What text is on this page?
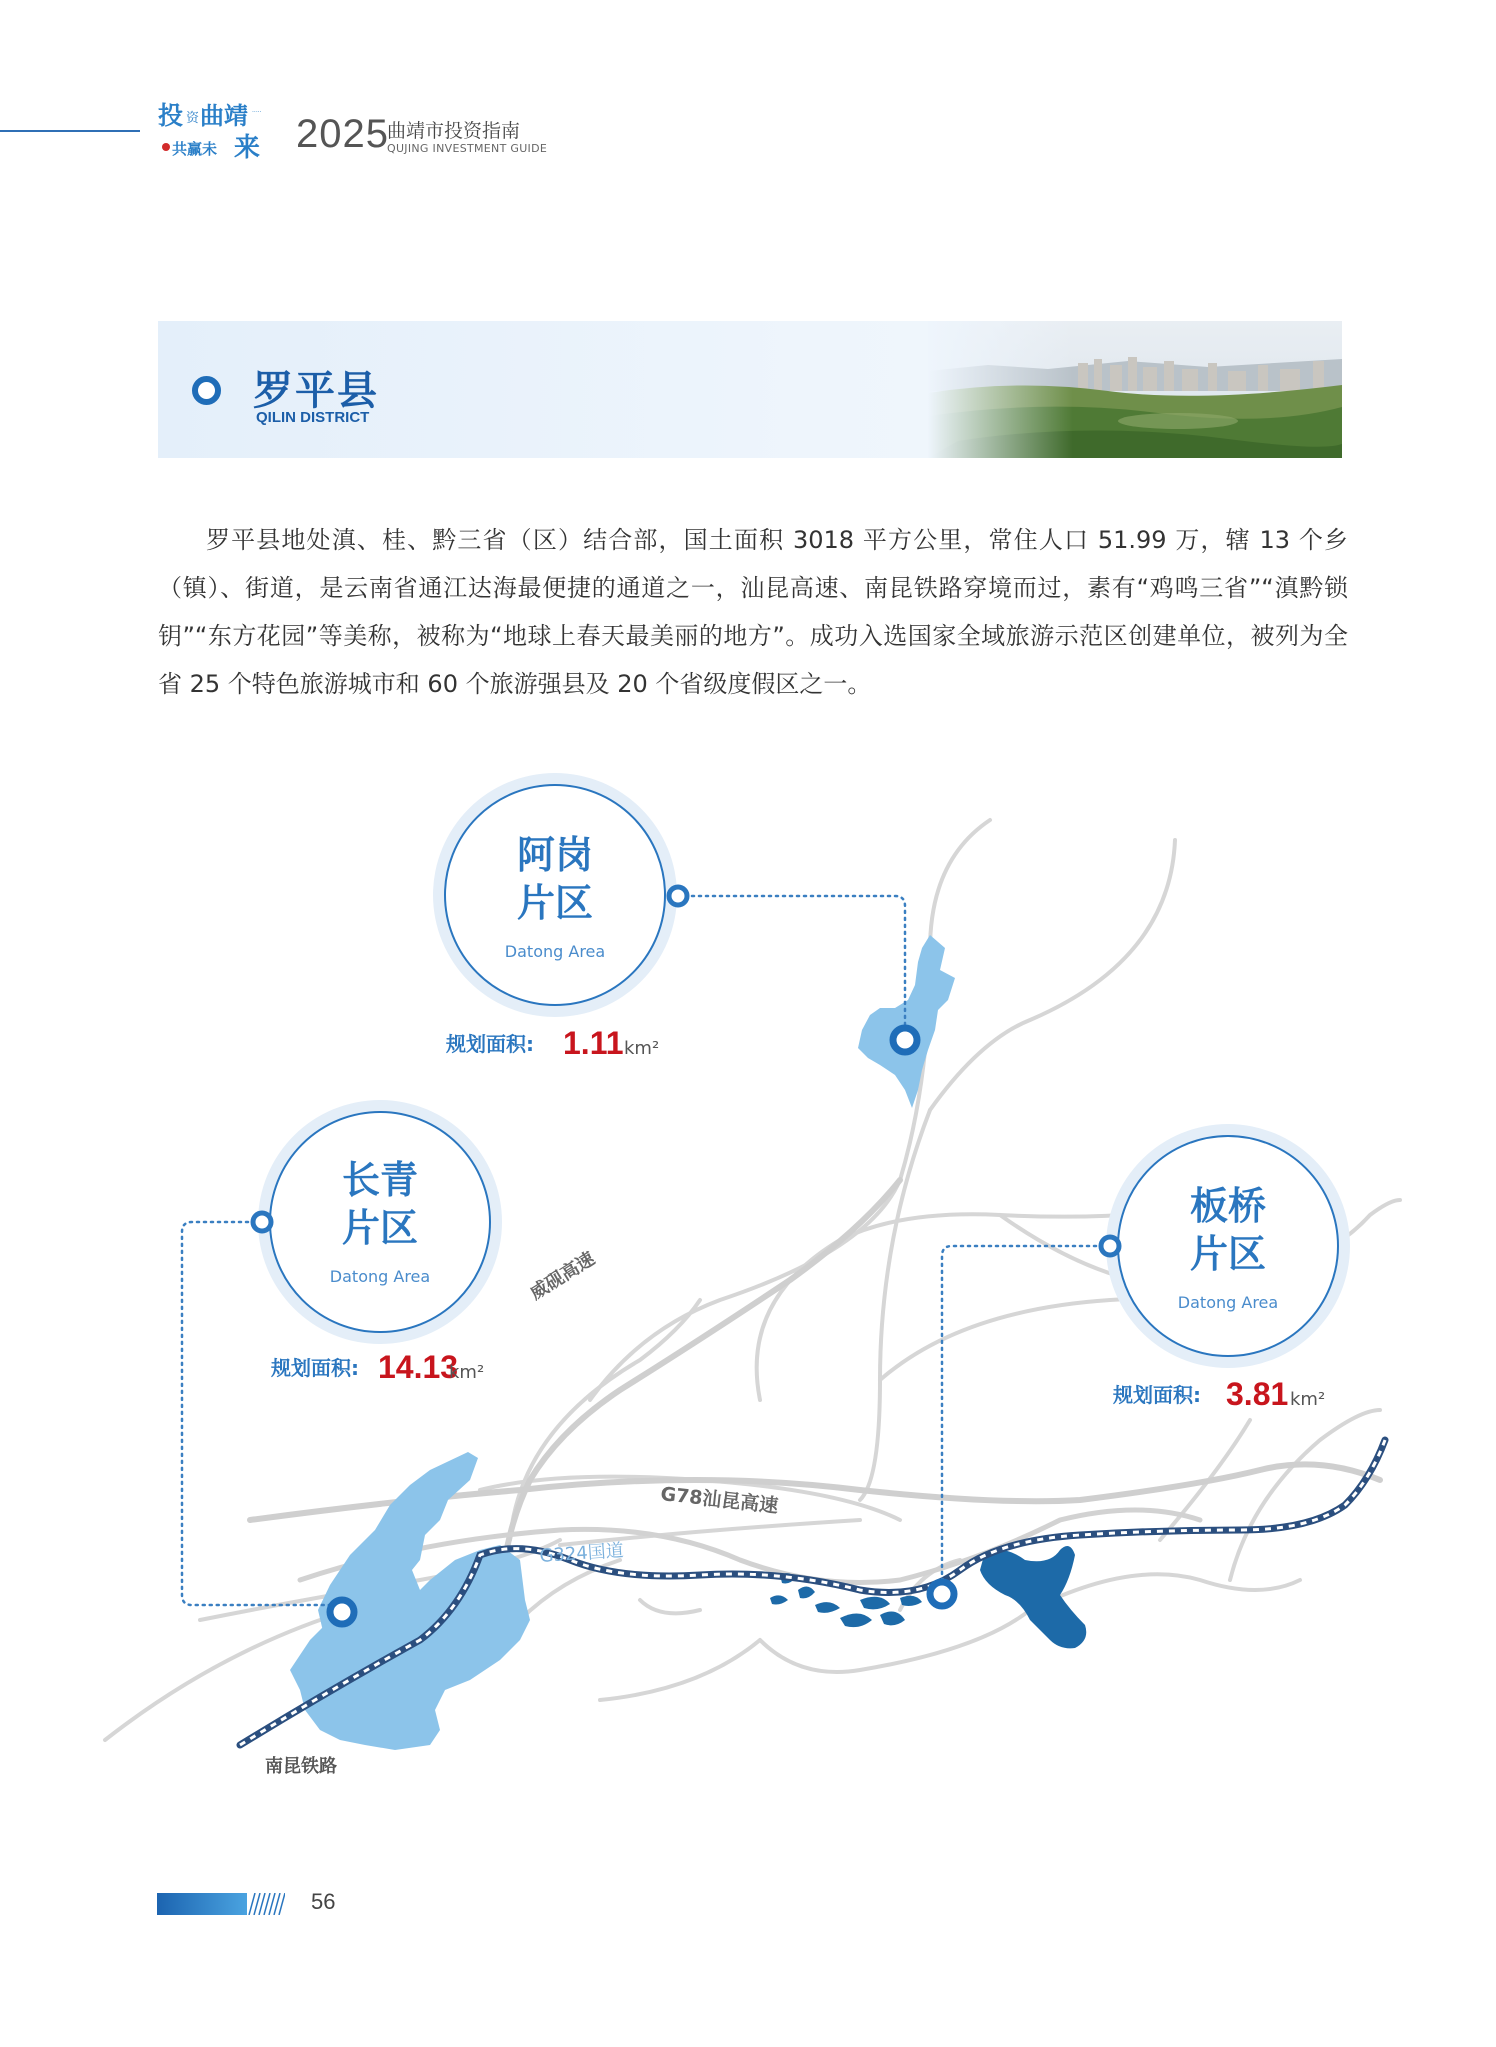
投 资 曲靖 ·····
共赢未 来 2025
曲靖市投资指南
QUJING INVESTMENT GUIDE
罗平县
QILIN DISTRICT

罗平县地处滇、桂、黔三省（区）结合部，国土面积 3018 平方公里，常住人口 51.99 万，辖 13 个乡（镇）、街道，是云南省通江达海最便捷的通道之一，汕昆高速、南昆铁路穿境而过，素有“鸡鸣三省”“滇黔锁钥”“东方花园”等美称，被称为“地球上春天最美丽的地方”。成功入选国家全域旅游示范区创建单位，被列为全省 25 个特色旅游城市和 60 个旅游强县及 20 个省级度假区之一。

阿岗
片区
Datong Area
长青
片区
Datong Area
板桥
片区
Datong Area
规划面积: 1.11 km²
规划面积: 14.13
km²
规划面积: 3.81 km²
威砚高速
G78汕昆高速
G324国道
南昆铁路
56
